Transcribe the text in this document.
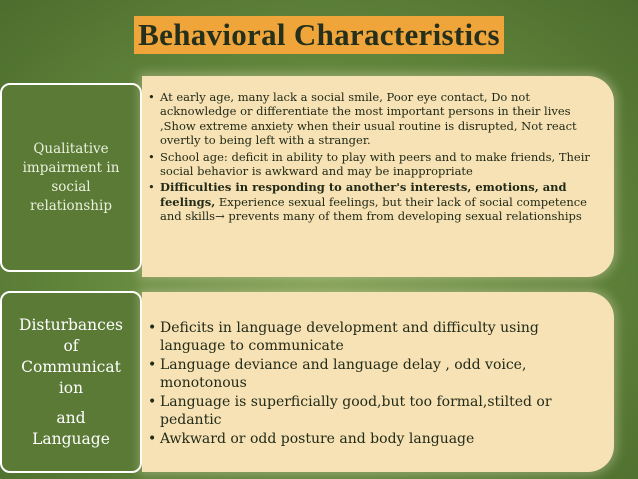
Behavioral Characteristics
Qualitative
impairment in
social
relationship
• At early age, many lack a social smile, Poor eye contact, Do not acknowledge or differentiate the most important persons in their lives ,Show extreme anxiety when their usual routine is disrupted, Not react overtly to being left with a stranger.
• School age: deficit in ability to play with peers and to make friends, Their social behavior is awkward and may be inappropriate
• Difficulties in responding to another's interests, emotions, and feelings, Experience sexual feelings, but their lack of social competence and skills→ prevents many of them from developing sexual relationships
Disturbances
of
Communicat
ion
and
Language
• Deficits in language development and difficulty using language to communicate
• Language deviance and language delay , odd voice, monotonous
• Language is superficially good,but too formal,stilted or pedantic
• Awkward or odd posture and body language
